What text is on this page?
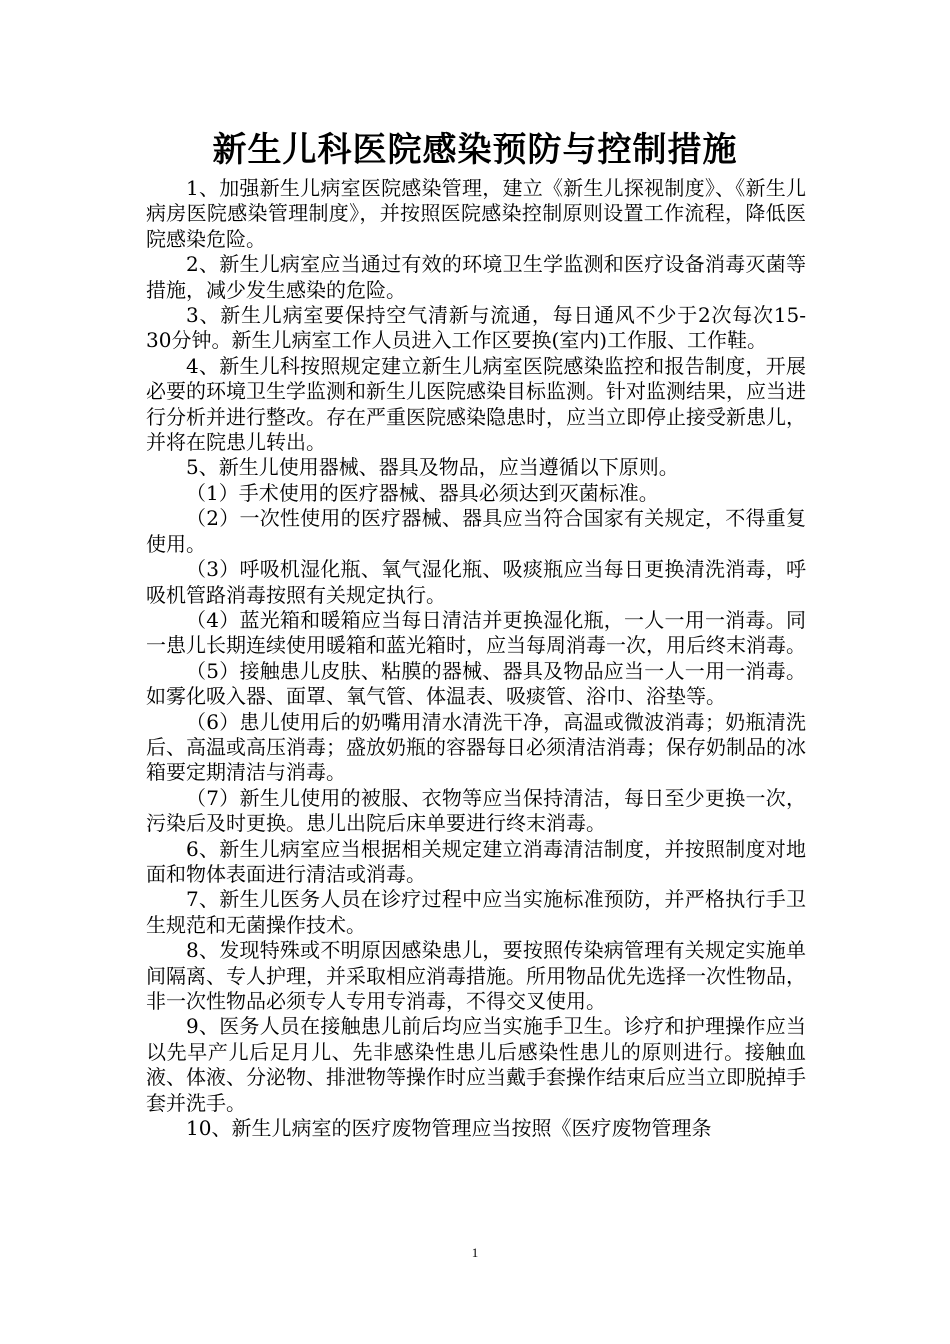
新生儿科医院感染预防与控制措施

1、加强新生儿病室医院感染管理，建立《新生儿探视制度》、《新生儿病房医院感染管理制度》，并按照医院感染控制原则设置工作流程，降低医院感染危险。

2、新生儿病室应当通过有效的环境卫生学监测和医疗设备消毒灭菌等措施，减少发生感染的危险。

3、新生儿病室要保持空气清新与流通，每日通风不少于2次每次15-30分钟。新生儿病室工作人员进入工作区要换(室内)工作服、工作鞋。

4、新生儿科按照规定建立新生儿病室医院感染监控和报告制度，开展必要的环境卫生学监测和新生儿医院感染目标监测。针对监测结果，应当进行分析并进行整改。存在严重医院感染隐患时，应当立即停止接受新患儿，并将在院患儿转出。

5、新生儿使用器械、器具及物品，应当遵循以下原则。

（1）手术使用的医疗器械、器具必须达到灭菌标准。

（2）一次性使用的医疗器械、器具应当符合国家有关规定，不得重复使用。

（3）呼吸机湿化瓶、氧气湿化瓶、吸痰瓶应当每日更换清洗消毒，呼吸机管路消毒按照有关规定执行。

（4）蓝光箱和暖箱应当每日清洁并更换湿化瓶，一人一用一消毒。同一患儿长期连续使用暖箱和蓝光箱时，应当每周消毒一次，用后终末消毒。

（5）接触患儿皮肤、粘膜的器械、器具及物品应当一人一用一消毒。如雾化吸入器、面罩、氧气管、体温表、吸痰管、浴巾、浴垫等。

（6）患儿使用后的奶嘴用清水清洗干净，高温或微波消毒；奶瓶清洗后、高温或高压消毒；盛放奶瓶的容器每日必须清洁消毒；保存奶制品的冰箱要定期清洁与消毒。

（7）新生儿使用的被服、衣物等应当保持清洁，每日至少更换一次，污染后及时更换。患儿出院后床单要进行终末消毒。

6、新生儿病室应当根据相关规定建立消毒清洁制度，并按照制度对地面和物体表面进行清洁或消毒。

7、新生儿医务人员在诊疗过程中应当实施标准预防，并严格执行手卫生规范和无菌操作技术。

8、发现特殊或不明原因感染患儿，要按照传染病管理有关规定实施单间隔离、专人护理，并采取相应消毒措施。所用物品优先选择一次性物品，非一次性物品必须专人专用专消毒，不得交叉使用。

9、医务人员在接触患儿前后均应当实施手卫生。诊疗和护理操作应当以先早产儿后足月儿、先非感染性患儿后感染性患儿的原则进行。接触血液、体液、分泌物、排泄物等操作时应当戴手套操作结束后应当立即脱掉手套并洗手。

10、新生儿病室的医疗废物管理应当按照《医疗废物管理条

1
